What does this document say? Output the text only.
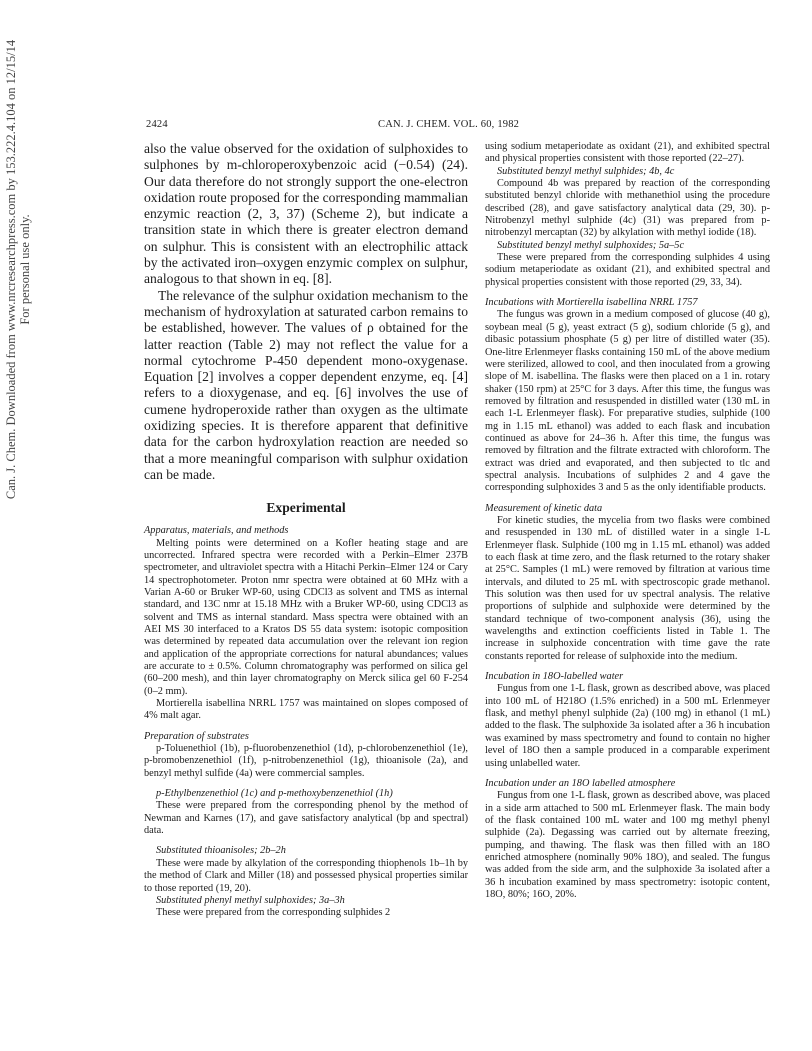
Can. J. Chem. Downloaded from www.nrcresearchpress.com by 153.222.4.104 on 12/15/14 For personal use only.
2424	CAN. J. CHEM. VOL. 60, 1982

also the value observed for the oxidation of sulphoxides to sulphones by m-chloroperoxybenzoic acid (−0.54) (24). Our data therefore do not strongly support the one-electron oxidation route proposed for the corresponding mammalian enzymic reaction (2, 3, 37) (Scheme 2), but indicate a transition state in which there is greater electron demand on sulphur. This is consistent with an electrophilic attack by the activated iron–oxygen enzymic complex on sulphur, analogous to that shown in eq. [8].

The relevance of the sulphur oxidation mechanism to the mechanism of hydroxylation at saturated carbon remains to be established, however. The values of ρ obtained for the latter reaction (Table 2) may not reflect the value for a normal cytochrome P-450 dependent mono-oxygenase. Equation [2] involves a copper dependent enzyme, eq. [4] refers to a dioxygenase, and eq. [6] involves the use of cumene hydroperoxide rather than oxygen as the ultimate oxidizing species. It is therefore apparent that definitive data for the carbon hydroxylation reaction are needed so that a more meaningful comparison with sulphur oxidation can be made.

Experimental
Apparatus, materials, and methods

Melting points were determined on a Kofler heating stage and are uncorrected. Infrared spectra were recorded with a Perkin–Elmer 237B spectrometer, and ultraviolet spectra with a Hitachi Perkin–Elmer 124 or Cary 14 spectrophotometer. Proton nmr spectra were obtained at 60 MHz with a Varian A-60 or Bruker WP-60, using CDCl3 as solvent and TMS as internal standard, and 13C nmr at 15.18 MHz with a Bruker WP-60, using CDCl3 as solvent and TMS as internal standard. Mass spectra were obtained with an AEI MS 30 interfaced to a Kratos DS 55 data system: isotopic composition was determined by repeated data accumulation over the relevant ion region and application of the appropriate corrections for natural abundances; values are accurate to ± 0.5%. Column chromatography was performed on silica gel (60–200 mesh), and thin layer chromatography on Merck silica gel 60 F-254 (0–2 mm).

Mortierella isabellina NRRL 1757 was maintained on slopes composed of 4% malt agar.

Preparation of substrates

p-Toluenethiol (1b), p-fluorobenzenethiol (1d), p-chlorobenzenethiol (1e), p-bromobenzenethiol (1f), p-nitrobenzenethiol (1g), thioanisole (2a), and benzyl methyl sulfide (4a) were commercial samples.

p-Ethylbenzenethiol (1c) and p-methoxybenzenethiol (1h)

These were prepared from the corresponding phenol by the method of Newman and Karnes (17), and gave satisfactory analytical (bp and spectral) data.

Substituted thioanisoles; 2b–2h

These were made by alkylation of the corresponding thiophenols 1b–1h by the method of Clark and Miller (18) and possessed physical properties similar to those reported (19, 20).

Substituted phenyl methyl sulphoxides; 3a–3h

These were prepared from the corresponding sulphides 2

using sodium metaperiodate as oxidant (21), and exhibited spectral and physical properties consistent with those reported (22–27).

Substituted benzyl methyl sulphides; 4b, 4c

Compound 4b was prepared by reaction of the corresponding substituted benzyl chloride with methanethiol using the procedure described (28), and gave satisfactory analytical data (29, 30). p-Nitrobenzyl methyl sulphide (4c) (31) was prepared from p-nitrobenzyl mercaptan (32) by alkylation with methyl iodide (18).

Substituted benzyl methyl sulphoxides; 5a–5c

These were prepared from the corresponding sulphides 4 using sodium metaperiodate as oxidant (21), and exhibited spectral and physical properties consistent with those reported (29, 33, 34).

Incubations with Mortierella isabellina NRRL 1757

The fungus was grown in a medium composed of glucose (40 g), soybean meal (5 g), yeast extract (5 g), sodium chloride (5 g), and dibasic potassium phosphate (5 g) per litre of distilled water (35). One-litre Erlenmeyer flasks containing 150 mL of the above medium were sterilized, allowed to cool, and then inoculated from a growing slope of M. isabellina. The flasks were then placed on a 1 in. rotary shaker (150 rpm) at 25°C for 3 days. After this time, the fungus was removed by filtration and resuspended in distilled water (130 mL in each 1-L Erlenmeyer flask). For preparative studies, sulphide (100 mg in 1.15 mL ethanol) was added to each flask and incubation continued as above for 24–36 h. After this time, the fungus was removed by filtration and the filtrate extracted with chloroform. The extract was dried and evaporated, and then subjected to tlc and spectral analysis. Incubations of sulphides 2 and 4 gave the corresponding sulphoxides 3 and 5 as the only identifiable products.

Measurement of kinetic data

For kinetic studies, the mycelia from two flasks were combined and resuspended in 130 mL of distilled water in a single 1-L Erlenmeyer flask. Sulphide (100 mg in 1.15 mL ethanol) was added to each flask at time zero, and the flask returned to the rotary shaker at 25°C. Samples (1 mL) were removed by filtration at various time intervals, and diluted to 25 mL with spectroscopic grade methanol. This solution was then used for uv spectral analysis. The relative proportions of sulphide and sulphoxide were determined by the standard technique of two-component analysis (36), using the wavelengths and extinction coefficients listed in Table 1. The increase in sulphoxide concentration with time gave the rate constants reported for release of sulphoxide into the medium.

Incubation in 18O-labelled water

Fungus from one 1-L flask, grown as described above, was placed into 100 mL of H218O (1.5% enriched) in a 500 mL Erlenmeyer flask, and methyl phenyl sulphide (2a) (100 mg) in ethanol (1 mL) added to the flask. The sulphoxide 3a isolated after a 36 h incubation was examined by mass spectrometry and found to contain no higher level of 18O then a sample produced in a comparable experiment using unlabelled water.

Incubation under an 18O labelled atmosphere

Fungus from one 1-L flask, grown as described above, was placed in a side arm attached to 500 mL Erlenmeyer flask. The main body of the flask contained 100 mL water and 100 mg methyl phenyl sulphide (2a). Degassing was carried out by alternate freezing, pumping, and thawing. The flask was then filled with an 18O enriched atmosphere (nominally 90% 18O), and sealed. The fungus was added from the side arm, and the sulphoxide 3a isolated after a 36 h incubation examined by mass spectrometry: isotopic content, 18O, 80%; 16O, 20%.
